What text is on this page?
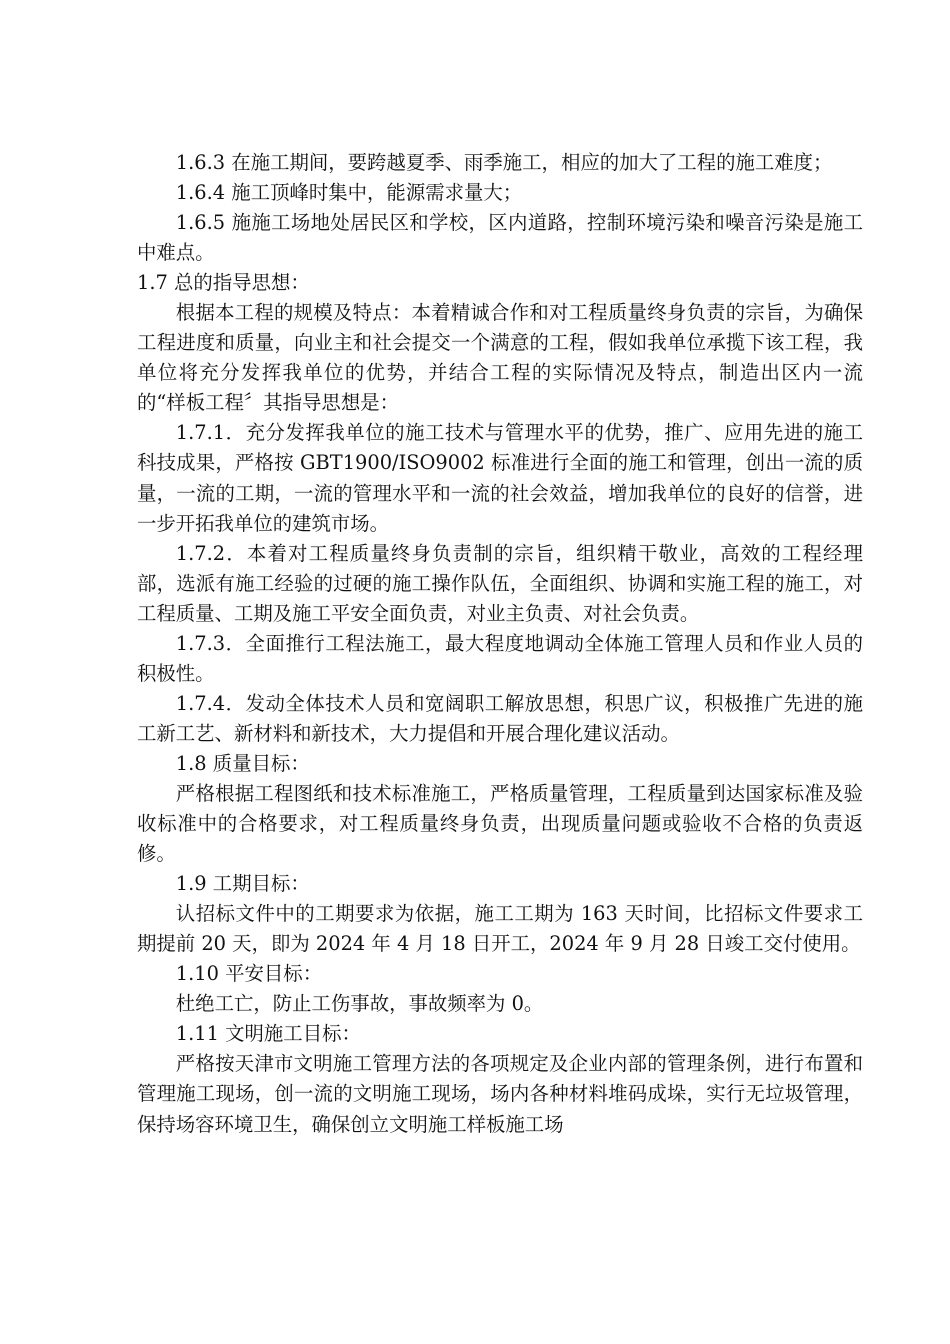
1.6.3 在施工期间，要跨越夏季、雨季施工，相应的加大了工程的施工难度；

1.6.4 施工顶峰时集中，能源需求量大；

1.6.5 施施工场地处居民区和学校，区内道路，控制环境污染和噪音污染是施工中难点。

1.7 总的指导思想：

根据本工程的规模及特点：本着精诚合作和对工程质量终身负责的宗旨，为确保工程进度和质量，向业主和社会提交一个满意的工程，假如我单位承揽下该工程，我单位将充分发挥我单位的优势，并结合工程的实际情况及特点，制造出区内一流的“样板工程〞其指导思想是：

1.7.1．充分发挥我单位的施工技术与管理水平的优势，推广、应用先进的施工科技成果，严格按 GBT1900/ISO9002 标准进行全面的施工和管理，创出一流的质量，一流的工期，一流的管理水平和一流的社会效益，增加我单位的良好的信誉，进一步开拓我单位的建筑市场。

1.7.2．本着对工程质量终身负责制的宗旨，组织精干敬业，高效的工程经理部，选派有施工经验的过硬的施工操作队伍，全面组织、协调和实施工程的施工，对工程质量、工期及施工平安全面负责，对业主负责、对社会负责。

1.7.3．全面推行工程法施工，最大程度地调动全体施工管理人员和作业人员的积极性。

1.7.4．发动全体技术人员和宽阔职工解放思想，积思广议，积极推广先进的施工新工艺、新材料和新技术，大力提倡和开展合理化建议活动。

1.8 质量目标：

严格根据工程图纸和技术标准施工，严格质量管理，工程质量到达国家标准及验收标准中的合格要求，对工程质量终身负责，出现质量问题或验收不合格的负责返修。

1.9 工期目标：

认招标文件中的工期要求为依据，施工工期为 163 天时间，比招标文件要求工期提前 20 天，即为 2024 年 4 月 18 日开工，2024 年 9 月 28 日竣工交付使用。

1.10 平安目标：

杜绝工亡，防止工伤事故，事故频率为 0。

1.11 文明施工目标：

严格按天津市文明施工管理方法的各项规定及企业内部的管理条例，进行布置和管理施工现场，创一流的文明施工现场，场内各种材料堆码成垛，实行无垃圾管理，保持场容环境卫生，确保创立文明施工样板施工场
